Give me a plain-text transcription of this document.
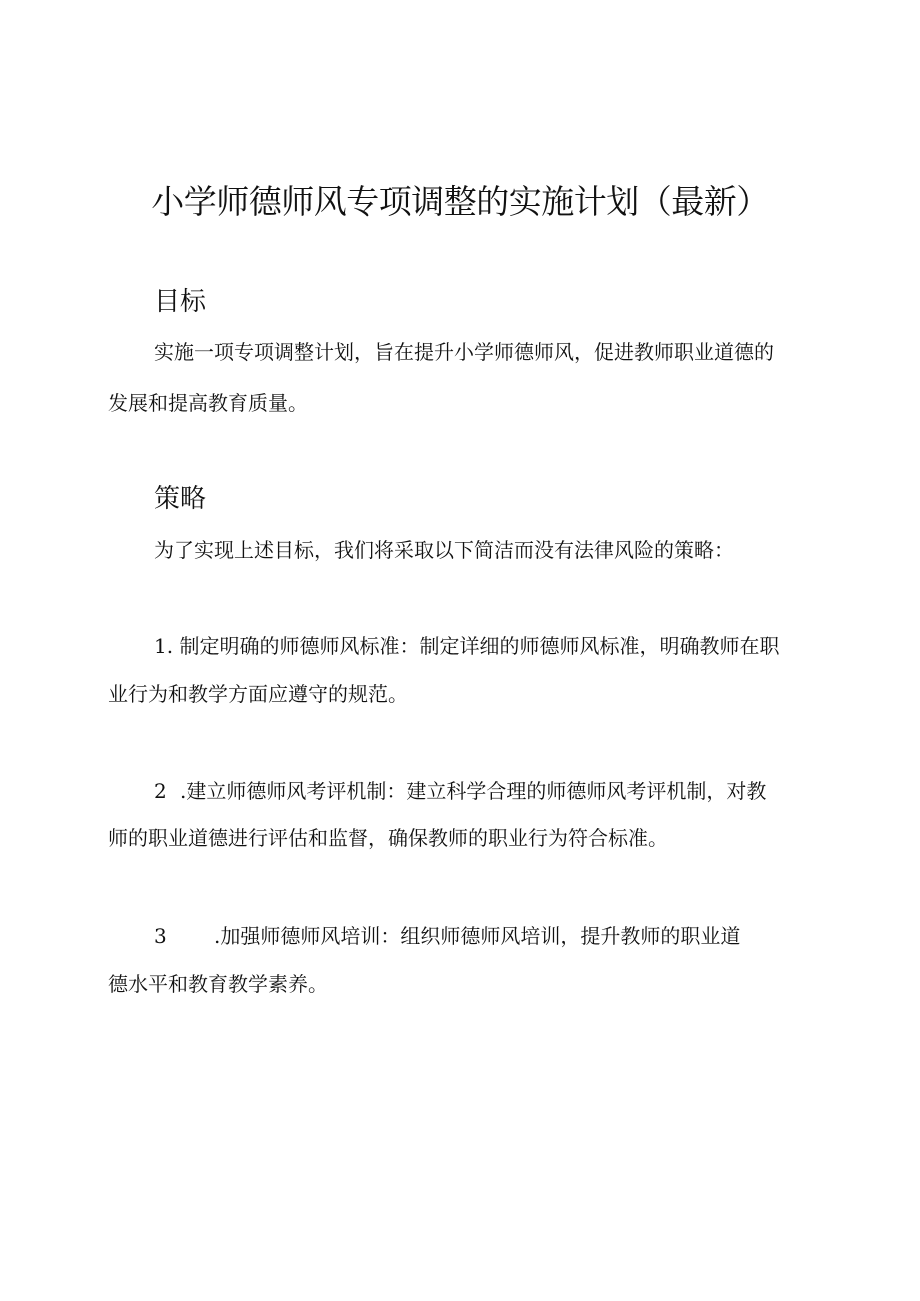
小学师德师风专项调整的实施计划（最新）
目标

实施一项专项调整计划，旨在提升小学师德师风，促进教师职业道德的

发展和提高教育质量。

策略

为了实现上述目标，我们将采取以下简洁而没有法律风险的策略：

1. 制定明确的师德师风标准：制定详细的师德师风标准，明确教师在职

业行为和教学方面应遵守的规范。

2 .建立师德师风考评机制：建立科学合理的师德师风考评机制，对教

师的职业道德进行评估和监督，确保教师的职业行为符合标准。

3 .加强师德师风培训：组织师德师风培训，提升教师的职业道

德水平和教育教学素养。
